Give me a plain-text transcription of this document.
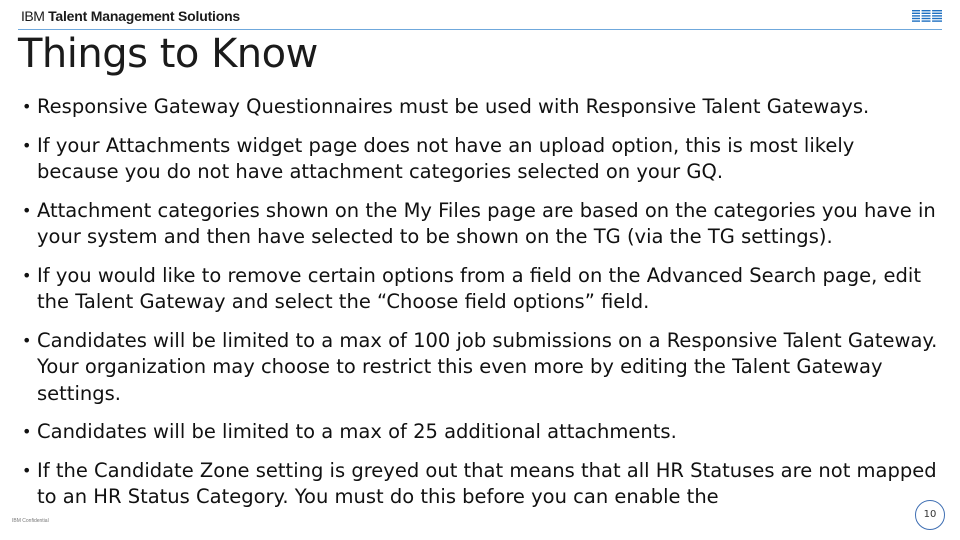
IBM Talent Management Solutions
Things to Know
• Responsive Gateway Questionnaires must be used with Responsive Talent Gateways.
• If your Attachments widget page does not have an upload option, this is most likely because you do not have attachment categories selected on your GQ.
• Attachment categories shown on the My Files page are based on the categories you have in your system and then have selected to be shown on the TG (via the TG settings).
• If you would like to remove certain options from a field on the Advanced Search page, edit the Talent Gateway and select the “Choose field options” field.
• Candidates will be limited to a max of 100 job submissions on a Responsive Talent Gateway. Your organization may choose to restrict this even more by editing the Talent Gateway settings.
• Candidates will be limited to a max of 25 additional attachments.
• If the Candidate Zone setting is greyed out that means that all HR Statuses are not mapped to an HR Status Category. You must do this before you can enable the
IBM Confidential
10
